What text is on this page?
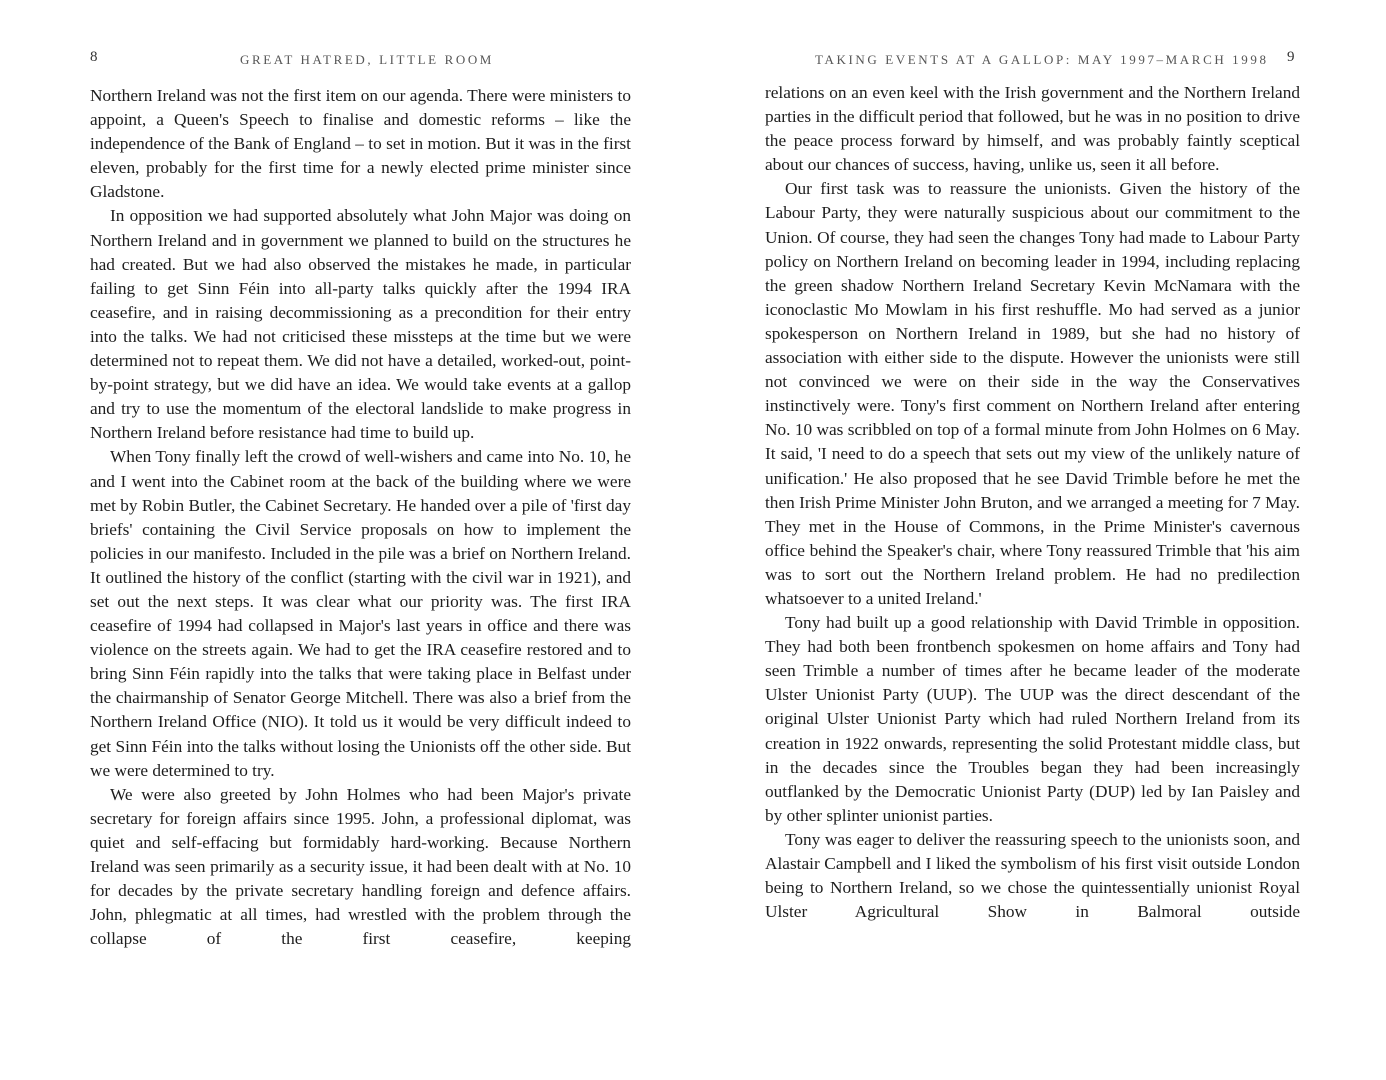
8	GREAT HATRED, LITTLE ROOM

Northern Ireland was not the first item on our agenda. There were ministers to appoint, a Queen's Speech to finalise and domestic reforms – like the independence of the Bank of England – to set in motion. But it was in the first eleven, probably for the first time for a newly elected prime minister since Gladstone.

In opposition we had supported absolutely what John Major was doing on Northern Ireland and in government we planned to build on the structures he had created. But we had also observed the mistakes he made, in particular failing to get Sinn Féin into all-party talks quickly after the 1994 IRA ceasefire, and in raising decommissioning as a precondition for their entry into the talks. We had not criticised these missteps at the time but we were determined not to repeat them. We did not have a detailed, worked-out, point-by-point strategy, but we did have an idea. We would take events at a gallop and try to use the momentum of the electoral landslide to make progress in Northern Ireland before resistance had time to build up.

When Tony finally left the crowd of well-wishers and came into No. 10, he and I went into the Cabinet room at the back of the building where we were met by Robin Butler, the Cabinet Secretary. He handed over a pile of 'first day briefs' containing the Civil Service proposals on how to implement the policies in our manifesto. Included in the pile was a brief on Northern Ireland. It outlined the history of the conflict (starting with the civil war in 1921), and set out the next steps. It was clear what our priority was. The first IRA ceasefire of 1994 had collapsed in Major's last years in office and there was violence on the streets again. We had to get the IRA ceasefire restored and to bring Sinn Féin rapidly into the talks that were taking place in Belfast under the chairmanship of Senator George Mitchell. There was also a brief from the Northern Ireland Office (NIO). It told us it would be very difficult indeed to get Sinn Féin into the talks without losing the Unionists off the other side. But we were determined to try.

We were also greeted by John Holmes who had been Major's private secretary for foreign affairs since 1995. John, a professional diplomat, was quiet and self-effacing but formidably hard-working. Because Northern Ireland was seen primarily as a security issue, it had been dealt with at No. 10 for decades by the private secretary handling foreign and defence affairs. John, phlegmatic at all times, had wrestled with the problem through the collapse of the first ceasefire, keeping

TAKING EVENTS AT A GALLOP: MAY 1997–MARCH 1998 9

relations on an even keel with the Irish government and the Northern Ireland parties in the difficult period that followed, but he was in no position to drive the peace process forward by himself, and was probably faintly sceptical about our chances of success, having, unlike us, seen it all before.

Our first task was to reassure the unionists. Given the history of the Labour Party, they were naturally suspicious about our commitment to the Union. Of course, they had seen the changes Tony had made to Labour Party policy on Northern Ireland on becoming leader in 1994, including replacing the green shadow Northern Ireland Secretary Kevin McNamara with the iconoclastic Mo Mowlam in his first reshuffle. Mo had served as a junior spokesperson on Northern Ireland in 1989, but she had no history of association with either side to the dispute. However the unionists were still not convinced we were on their side in the way the Conservatives instinctively were. Tony's first comment on Northern Ireland after entering No. 10 was scribbled on top of a formal minute from John Holmes on 6 May. It said, 'I need to do a speech that sets out my view of the unlikely nature of unification.' He also proposed that he see David Trimble before he met the then Irish Prime Minister John Bruton, and we arranged a meeting for 7 May. They met in the House of Commons, in the Prime Minister's cavernous office behind the Speaker's chair, where Tony reassured Trimble that 'his aim was to sort out the Northern Ireland problem. He had no predilection whatsoever to a united Ireland.'

Tony had built up a good relationship with David Trimble in opposition. They had both been frontbench spokesmen on home affairs and Tony had seen Trimble a number of times after he became leader of the moderate Ulster Unionist Party (UUP). The UUP was the direct descendant of the original Ulster Unionist Party which had ruled Northern Ireland from its creation in 1922 onwards, representing the solid Protestant middle class, but in the decades since the Troubles began they had been increasingly outflanked by the Democratic Unionist Party (DUP) led by Ian Paisley and by other splinter unionist parties.

Tony was eager to deliver the reassuring speech to the unionists soon, and Alastair Campbell and I liked the symbolism of his first visit outside London being to Northern Ireland, so we chose the quintessentially unionist Royal Ulster Agricultural Show in Balmoral outside
